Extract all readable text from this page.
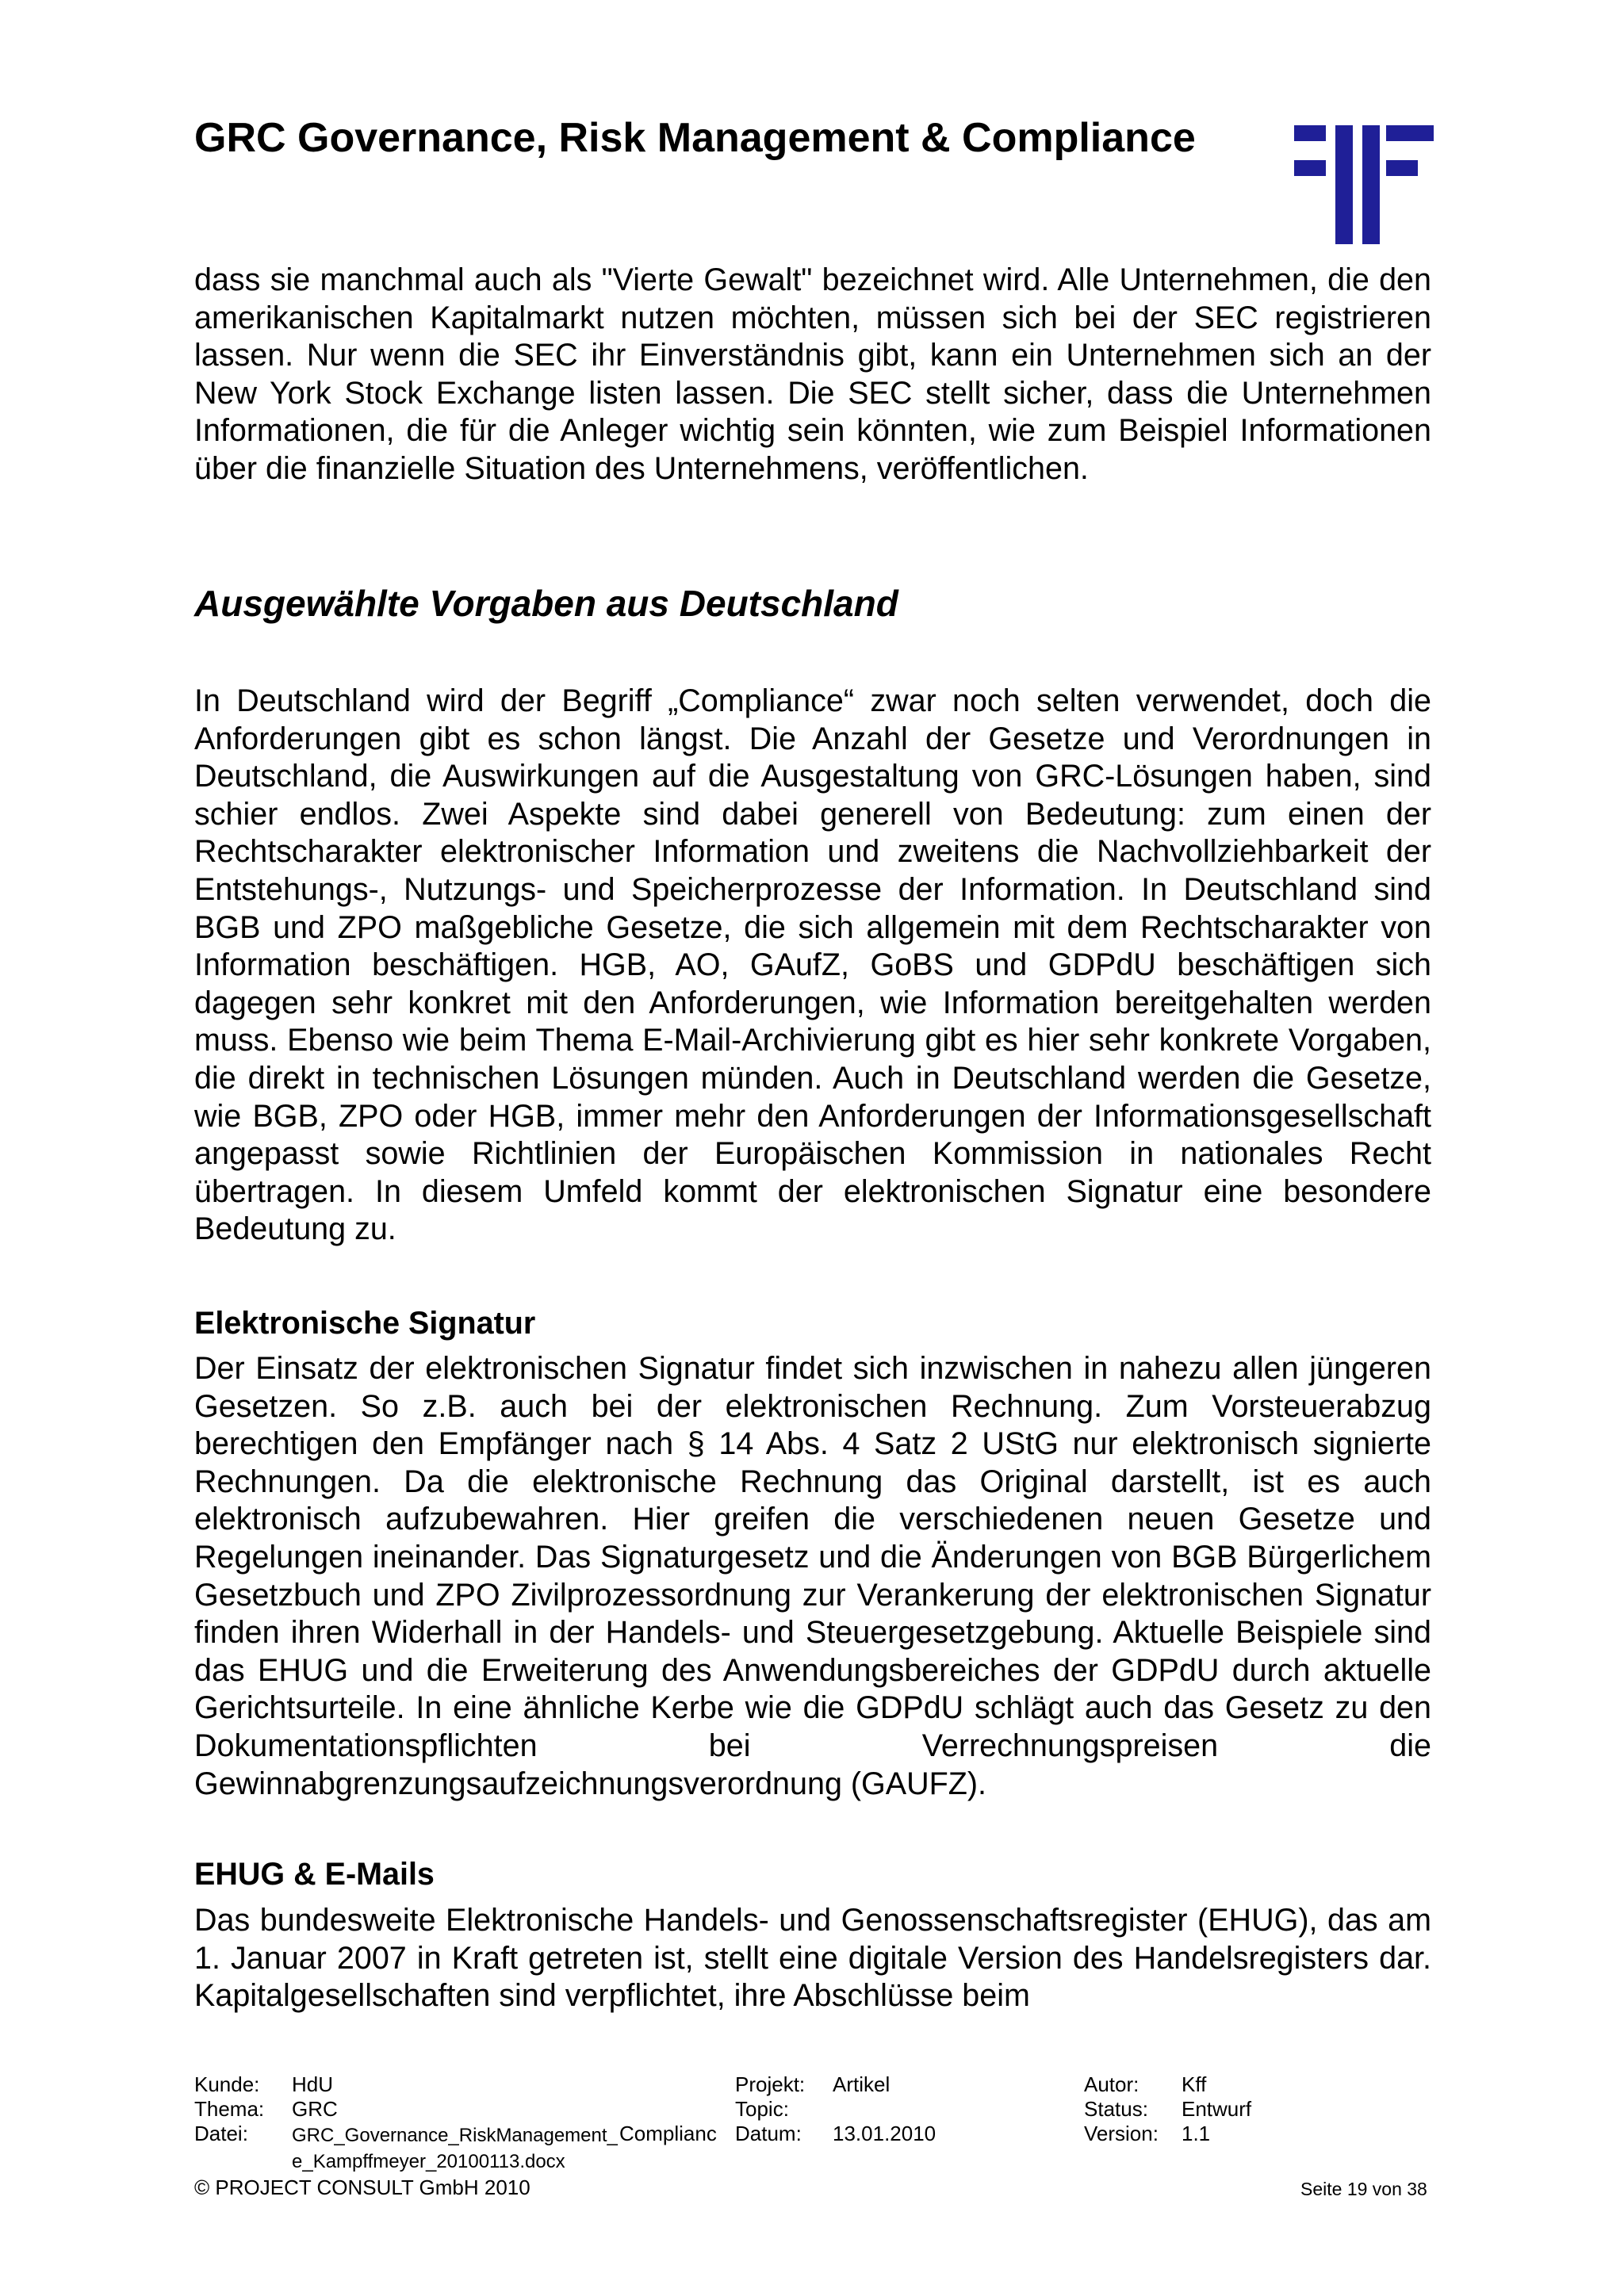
GRC Governance, Risk Management & Compliance

dass sie manchmal auch als "Vierte Gewalt" bezeichnet wird. Alle Unternehmen, die den amerikanischen Kapitalmarkt nutzen möchten, müssen sich bei der SEC registrieren lassen. Nur wenn die SEC ihr Einverständnis gibt, kann ein Unternehmen sich an der New York Stock Exchange listen lassen. Die SEC stellt sicher, dass die Unternehmen Informationen, die für die Anleger wichtig sein könnten, wie zum Beispiel Informationen über die finanzielle Situation des Unternehmens, veröffentlichen.

Ausgewählte Vorgaben aus Deutschland

In Deutschland wird der Begriff „Compliance“ zwar noch selten verwendet, doch die Anforderungen gibt es schon längst. Die Anzahl der Gesetze und Verordnungen in Deutschland, die Auswirkungen auf die Ausgestaltung von GRC-Lösungen haben, sind schier endlos. Zwei Aspekte sind dabei generell von Bedeutung: zum einen der Rechtscharakter elektronischer Information und zweitens die Nachvollziehbarkeit der Entstehungs-, Nutzungs- und Speicherprozesse der Information. In Deutschland sind BGB und ZPO maßgebliche Gesetze, die sich allgemein mit dem Rechtscharakter von Information beschäftigen. HGB, AO, GAufZ, GoBS und GDPdU beschäftigen sich dagegen sehr konkret mit den Anforderungen, wie Information bereitgehalten werden muss. Ebenso wie beim Thema E-Mail-Archivierung gibt es hier sehr konkrete Vorgaben, die direkt in technischen Lösungen münden. Auch in Deutschland werden die Gesetze, wie BGB, ZPO oder HGB, immer mehr den Anforderungen der Informationsgesellschaft angepasst sowie Richtlinien der Europäischen Kommission in nationales Recht übertragen. In diesem Umfeld kommt der elektronischen Signatur eine besondere Bedeutung zu.

Elektronische Signatur

Der Einsatz der elektronischen Signatur findet sich inzwischen in nahezu allen jüngeren Gesetzen. So z.B. auch bei der elektronischen Rechnung. Zum Vorsteuerabzug berechtigen den Empfänger nach § 14 Abs. 4 Satz 2 UStG nur elektronisch signierte Rechnungen. Da die elektronische Rechnung das Original darstellt, ist es auch elektronisch aufzubewahren. Hier greifen die verschiedenen neuen Gesetze und Regelungen ineinander. Das Signaturgesetz und die Änderungen von BGB Bürgerlichem Gesetzbuch und ZPO Zivilprozessordnung zur Verankerung der elektronischen Signatur finden ihren Widerhall in der Handels- und Steuergesetzgebung. Aktuelle Beispiele sind das EHUG und die Erweiterung des Anwendungsbereiches der GDPdU durch aktuelle Gerichtsurteile. In eine ähnliche Kerbe wie die GDPdU schlägt auch das Gesetz zu den Dokumentationspflichten bei Verrechnungspreisen die Gewinnabgrenzungsaufzeichnungsverordnung (GAUFZ).

EHUG & E-Mails

Das bundesweite Elektronische Handels- und Genossenschaftsregister (EHUG), das am 1. Januar 2007 in Kraft getreten ist, stellt eine digitale Version des Handelsregisters dar. Kapitalgesellschaften sind verpflichtet, ihre Abschlüsse beim

Kunde: HdU
Thema: GRC
Datei: GRC_Governance_RiskManagement_ Complianc
e_Kampffmeyer_20100113.docx
Projekt: Artikel
Topic:
Datum: 13.01.2010
Autor: Kff
Status: Entwurf
Version: 1.1
© PROJECT CONSULT GmbH 2010	Seite 19 von 38
